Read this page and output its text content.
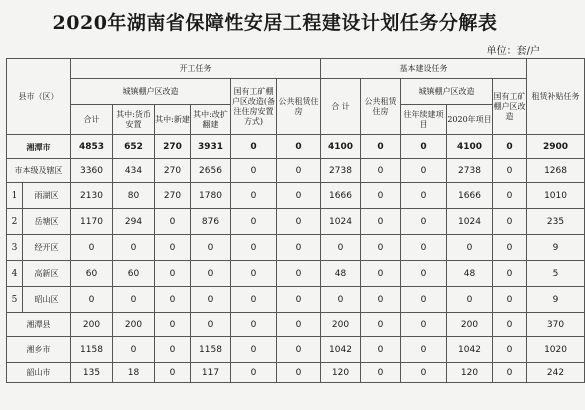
2020年湖南省保障性安居工程建设计划任务分解表
单位：套/户
县市（区）		开工任务						基本建设任务					租赁补贴任务
		城镇棚户区改造				国有工矿棚户区改造(备注住房安置方式)	公共租赁住房	合 计	公共租赁住房	城镇棚户区改造		国有工矿棚户区改造	
		合计	其中:货币安置	其中:新建	其中:改扩翻建					往年续建项目	2020年项目		
湘潭市		4853	652	270	3931	0	0	4100	0	0	4100	0	2900
市本级及辖区		3360	434	270	2656	0	0	2738	0	0	2738	0	1268
1	雨湖区	2130	80	270	1780	0	0	1666	0	0	1666	0	1010
2	岳塘区	1170	294	0	876	0	0	1024	0	0	1024	0	235
3	经开区	0	0	0	0	0	0	0	0	0	0	0	9
4	高新区	60	60	0	0	0	0	48	0	0	48	0	5
5	昭山区	0	0	0	0	0	0	0	0	0	0	0	9
湘潭县		200	200	0	0	0	0	200	0	0	200	0	370
湘乡市		1158	0	0	1158	0	0	1042	0	0	1042	0	1020
韶山市		135	18	0	117	0	0	120	0	0	120	0	242
